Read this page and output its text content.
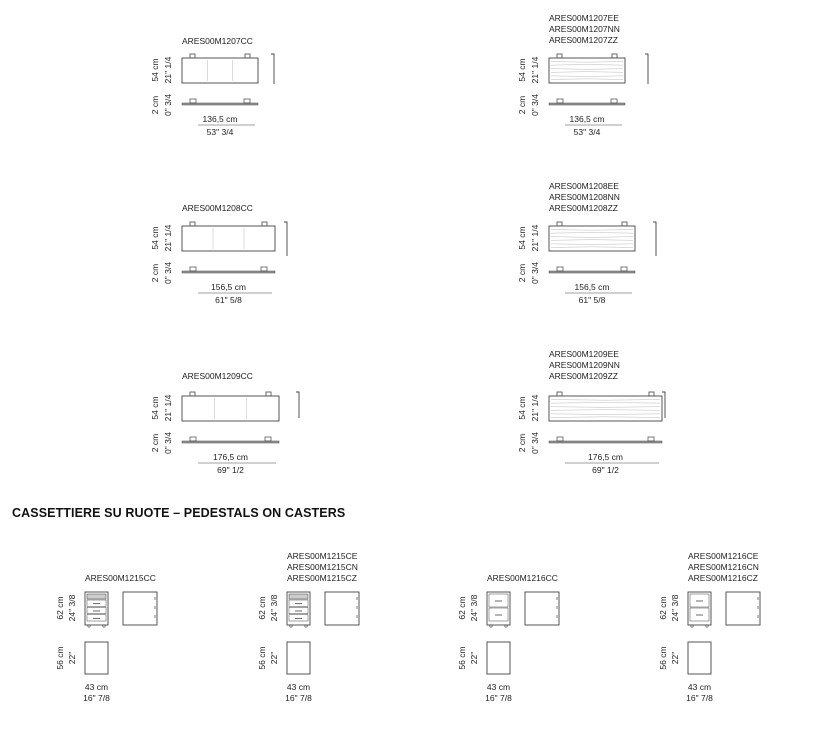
CASSETTIERE SU RUOTE – PEDESTALS ON CASTERS
ARES00M1207CC
54 cm 21" 1/4
2 cm 0" 3/4
136,5 cm
53" 3/4
ARES00M1207EE
ARES00M1207NN
ARES00M1207ZZ
54 cm 21" 1/4
2 cm 0" 3/4
136,5 cm
53" 3/4
ARES00M1208CC
54 cm 21" 1/4
2 cm 0" 3/4
156,5 cm
61" 5/8
ARES00M1208EE
ARES00M1208NN
ARES00M1208ZZ
54 cm 21" 1/4
2 cm 0" 3/4
156,5 cm
61" 5/8
ARES00M1209CC
54 cm 21" 1/4
2 cm 0" 3/4
176,5 cm
69" 1/2
ARES00M1209EE
ARES00M1209NN
ARES00M1209ZZ
54 cm 21" 1/4
2 cm 0" 3/4
176,5 cm
69" 1/2
ARES00M1215CC
62 cm 24" 3/8
56 cm 22"
43 cm
16" 7/8
ARES00M1215CE
ARES00M1215CN
ARES00M1215CZ
62 cm 24" 3/8
56 cm 22"
43 cm
16" 7/8
ARES00M1216CC
62 cm 24" 3/8
56 cm 22"
43 cm
16" 7/8
ARES00M1216CE
ARES00M1216CN
ARES00M1216CZ
62 cm 24" 3/8
56 cm 22"
43 cm
16" 7/8
